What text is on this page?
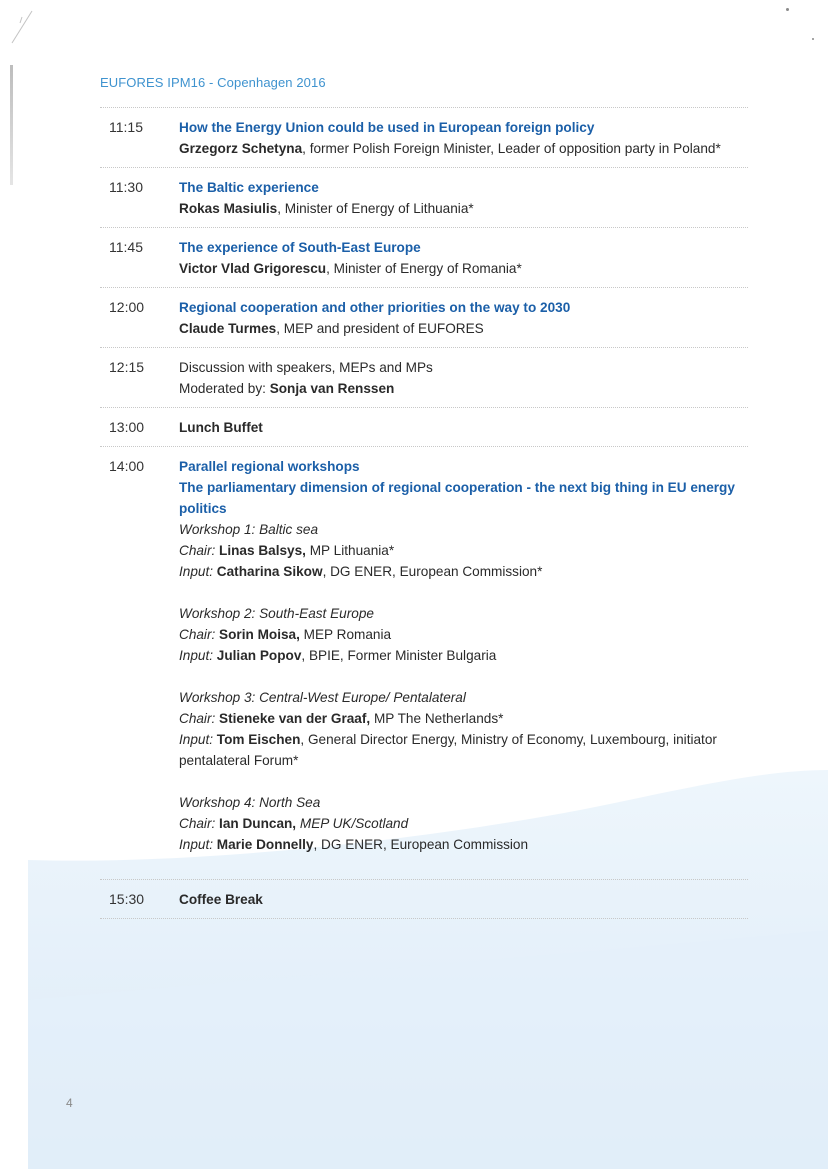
EUFORES IPM16 - Copenhagen 2016
11:15	How the Energy Union could be used in European foreign policy
Grzegorz Schetyna, former Polish Foreign Minister, Leader of opposition party in Poland*
11:30	The Baltic experience
Rokas Masiulis, Minister of Energy of Lithuania*
11:45	The experience of South-East Europe
Victor Vlad Grigorescu, Minister of Energy of Romania*
12:00	Regional cooperation and other priorities on the way to 2030
Claude Turmes, MEP and president of EUFORES
12:15	Discussion with speakers, MEPs and MPs
Moderated by: Sonja van Renssen
13:00	Lunch Buffet
14:00	Parallel regional workshops
The parliamentary dimension of regional cooperation - the next big thing in EU energy politics
Workshop 1: Baltic sea
Chair: Linas Balsys, MP Lithuania*
Input: Catharina Sikow, DG ENER, European Commission*
Workshop 2: South-East Europe
Chair: Sorin Moisa, MEP Romania
Input: Julian Popov, BPIE, Former Minister Bulgaria
Workshop 3: Central-West Europe/ Pentalateral
Chair: Stieneke van der Graaf, MP The Netherlands*
Input: Tom Eischen, General Director Energy, Ministry of Economy, Luxembourg, initiator pentalateral Forum*
Workshop 4: North Sea
Chair: Ian Duncan, MEP UK/Scotland
Input: Marie Donnelly, DG ENER, European Commission
15:30	Coffee Break
4
